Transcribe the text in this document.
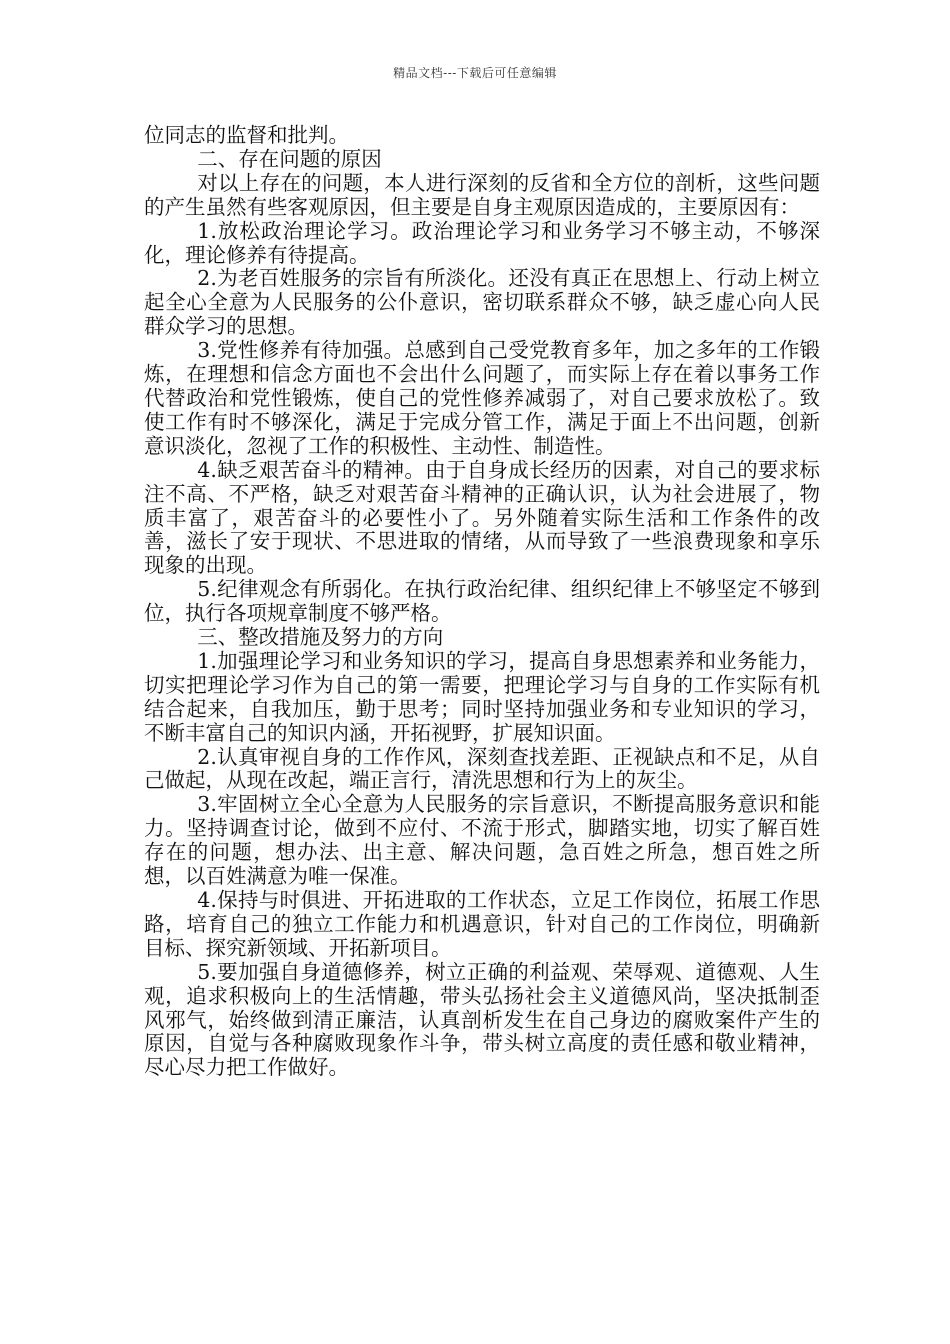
精品文档---下载后可任意编辑

位同志的监督和批判。

二、存在问题的原因

对以上存在的问题，本人进行深刻的反省和全方位的剖析，这些问题的产生虽然有些客观原因，但主要是自身主观原因造成的，主要原因有：

1.放松政治理论学习。政治理论学习和业务学习不够主动，不够深化，理论修养有待提高。

2.为老百姓服务的宗旨有所淡化。还没有真正在思想上、行动上树立起全心全意为人民服务的公仆意识，密切联系群众不够，缺乏虚心向人民群众学习的思想。

3.党性修养有待加强。总感到自己受党教育多年，加之多年的工作锻炼，在理想和信念方面也不会出什么问题了，而实际上存在着以事务工作代替政治和党性锻炼，使自己的党性修养减弱了，对自己要求放松了。致使工作有时不够深化，满足于完成分管工作，满足于面上不出问题，创新意识淡化，忽视了工作的积极性、主动性、制造性。

4.缺乏艰苦奋斗的精神。由于自身成长经历的因素，对自己的要求标注不高、不严格，缺乏对艰苦奋斗精神的正确认识，认为社会进展了，物质丰富了，艰苦奋斗的必要性小了。另外随着实际生活和工作条件的改善，滋长了安于现状、不思进取的情绪，从而导致了一些浪费现象和享乐现象的出现。

5.纪律观念有所弱化。在执行政治纪律、组织纪律上不够坚定不够到位，执行各项规章制度不够严格。

三、整改措施及努力的方向

1.加强理论学习和业务知识的学习，提高自身思想素养和业务能力，切实把理论学习作为自己的第一需要，把理论学习与自身的工作实际有机结合起来，自我加压，勤于思考；同时坚持加强业务和专业知识的学习，不断丰富自己的知识内涵，开拓视野，扩展知识面。

2.认真审视自身的工作作风，深刻查找差距、正视缺点和不足，从自己做起，从现在改起，端正言行，清洗思想和行为上的灰尘。

3.牢固树立全心全意为人民服务的宗旨意识，不断提高服务意识和能力。坚持调查讨论，做到不应付、不流于形式，脚踏实地，切实了解百姓存在的问题，想办法、出主意、解决问题，急百姓之所急，想百姓之所想，以百姓满意为唯一保准。

4.保持与时俱进、开拓进取的工作状态，立足工作岗位，拓展工作思路，培育自己的独立工作能力和机遇意识，针对自己的工作岗位，明确新目标、探究新领域、开拓新项目。

5.要加强自身道德修养，树立正确的利益观、荣辱观、道德观、人生观，追求积极向上的生活情趣，带头弘扬社会主义道德风尚，坚决抵制歪风邪气，始终做到清正廉洁，认真剖析发生在自己身边的腐败案件产生的原因，自觉与各种腐败现象作斗争，带头树立高度的责任感和敬业精神，尽心尽力把工作做好。
